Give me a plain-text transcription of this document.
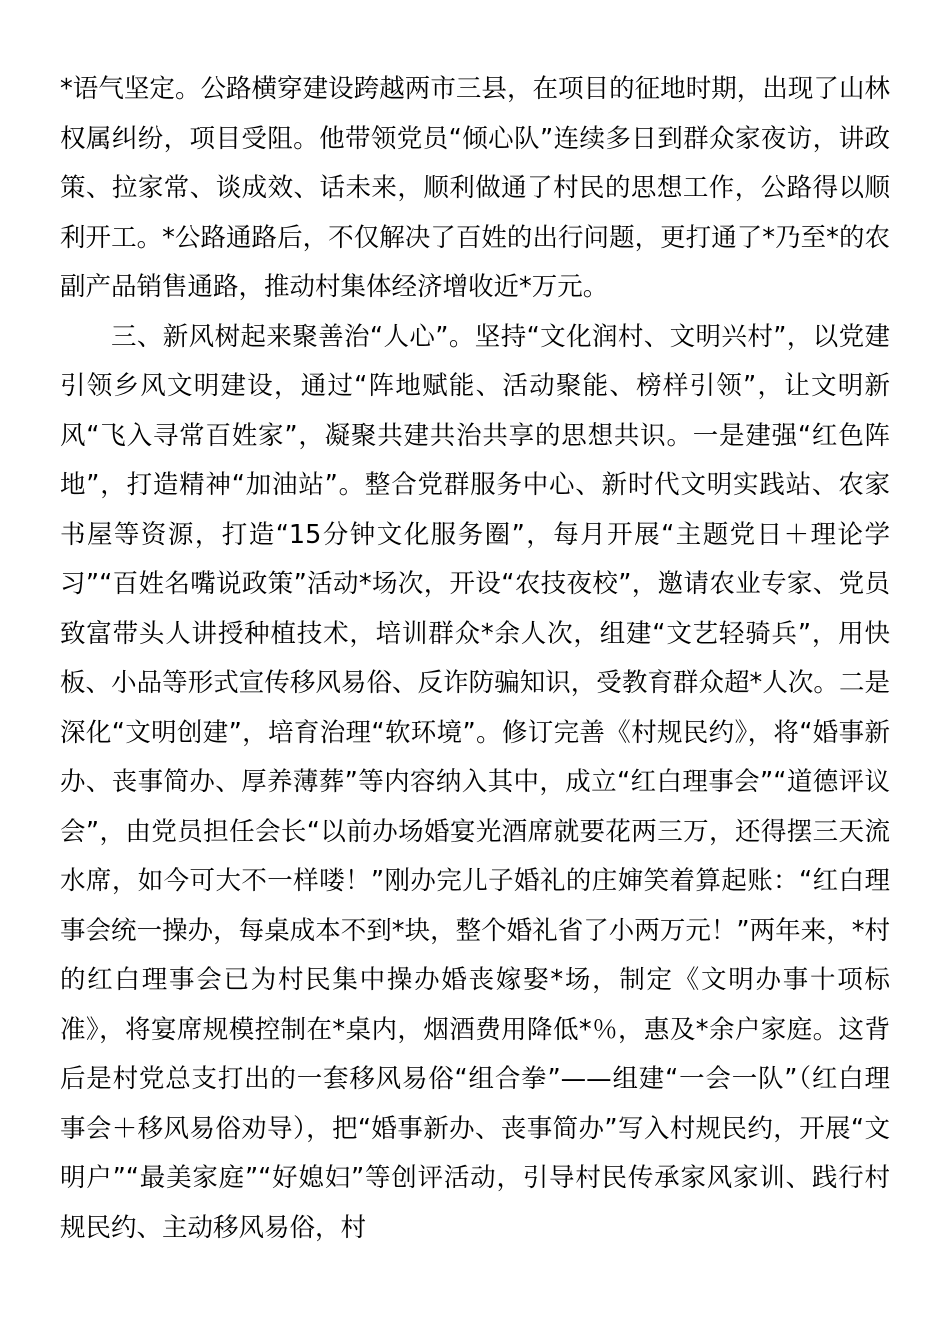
*语气坚定。公路横穿建设跨越两市三县，在项目的征地时期，出现了山林权属纠纷，项目受阻。他带领党员“倾心队”连续多日到群众家夜访，讲政策、拉家常、谈成效、话未来，顺利做通了村民的思想工作，公路得以顺利开工。*公路通路后，不仅解决了百姓的出行问题，更打通了*乃至*的农副产品销售通路，推动村集体经济增收近*万元。

三、新风树起来聚善治“人心”。坚持“文化润村、文明兴村”，以党建引领乡风文明建设，通过“阵地赋能、活动聚能、榜样引领”，让文明新风“飞入寻常百姓家”，凝聚共建共治共享的思想共识。一是建强“红色阵地”，打造精神“加油站”。整合党群服务中心、新时代文明实践站、农家书屋等资源，打造“15分钟文化服务圈”，每月开展“主题党日＋理论学习”“百姓名嘴说政策”活动*场次，开设“农技夜校”，邀请农业专家、党员致富带头人讲授种植技术，培训群众*余人次，组建“文艺轻骑兵”，用快板、小品等形式宣传移风易俗、反诈防骗知识，受教育群众超*人次。二是深化“文明创建”，培育治理“软环境”。修订完善《村规民约》，将“婚事新办、丧事简办、厚养薄葬”等内容纳入其中，成立“红白理事会”“道德评议会”，由党员担任会长“以前办场婚宴光酒席就要花两三万，还得摆三天流水席，如今可大不一样喽！”刚办完儿子婚礼的庄婶笑着算起账：“红白理事会统一操办，每桌成本不到*块，整个婚礼省了小两万元！”两年来，*村的红白理事会已为村民集中操办婚丧嫁娶*场，制定《文明办事十项标准》，将宴席规模控制在*桌内，烟酒费用降低*％，惠及*余户家庭。这背后是村党总支打出的一套移风易俗“组合拳”——组建“一会一队”（红白理事会＋移风易俗劝导），把“婚事新办、丧事简办”写入村规民约，开展“文明户”“最美家庭”“好媳妇”等创评活动，引导村民传承家风家训、践行村规民约、主动移风易俗，村
